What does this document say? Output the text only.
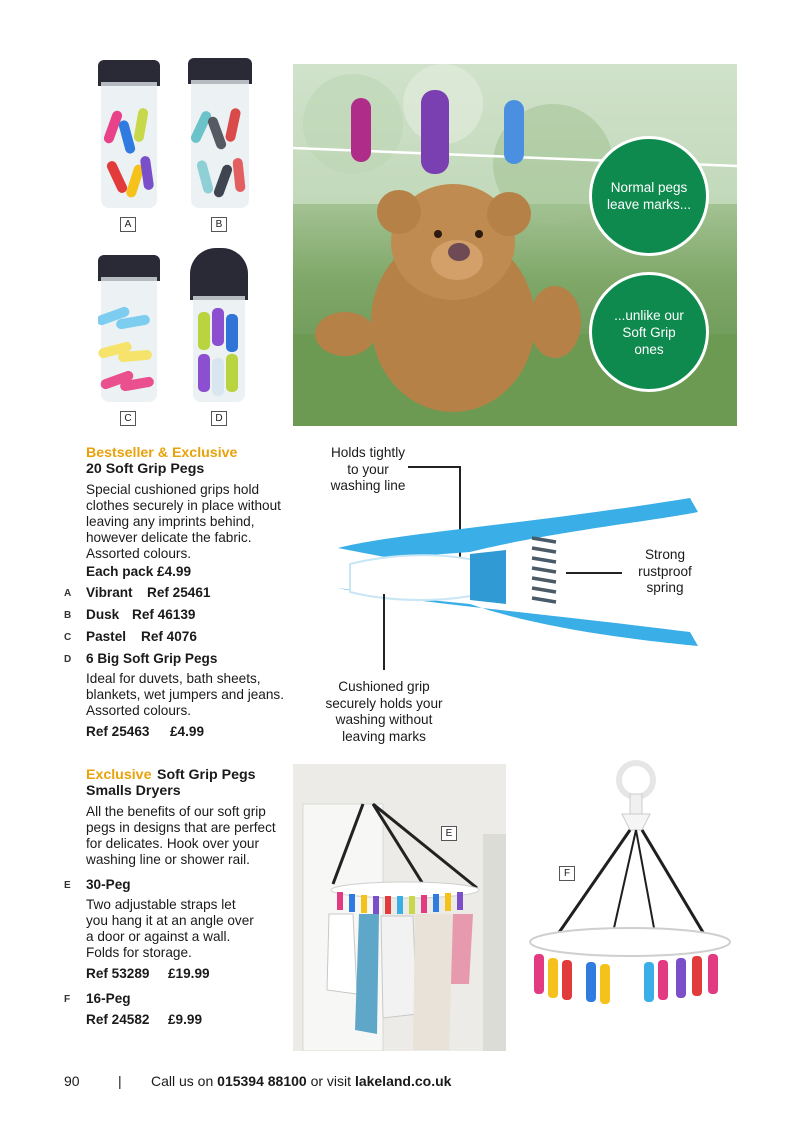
A	B
C	D
Normal pegs leave marks...
...unlike our Soft Grip ones
Bestseller & Exclusive
20 Soft Grip Pegs
Special cushioned grips hold
clothes securely in place without
leaving any imprints behind,
however delicate the fabric.
Assorted colours.
Each pack £4.99
A Vibrant Ref 25461
B Dusk Ref 46139
C Pastel Ref 4076
D 6 Big Soft Grip Pegs
Ideal for duvets, bath sheets,
blankets, wet jumpers and jeans.
Assorted colours.
Ref 25463 £4.99
Holds tightly
to your
washing line
Strong
rustproof
spring
Cushioned grip
securely holds your
washing without
leaving marks
Exclusive Soft Grip Pegs
Smalls Dryers
All the benefits of our soft grip
pegs in designs that are perfect
for delicates. Hook over your
washing line or shower rail.
E 30-Peg
Two adjustable straps let
you hang it at an angle over
a door or against a wall.
Folds for storage.
Ref 53289 £19.99
F 16-Peg
Ref 24582 £9.99
E
F
90	| Call us on 015394 88100 or visit lakeland.co.uk
